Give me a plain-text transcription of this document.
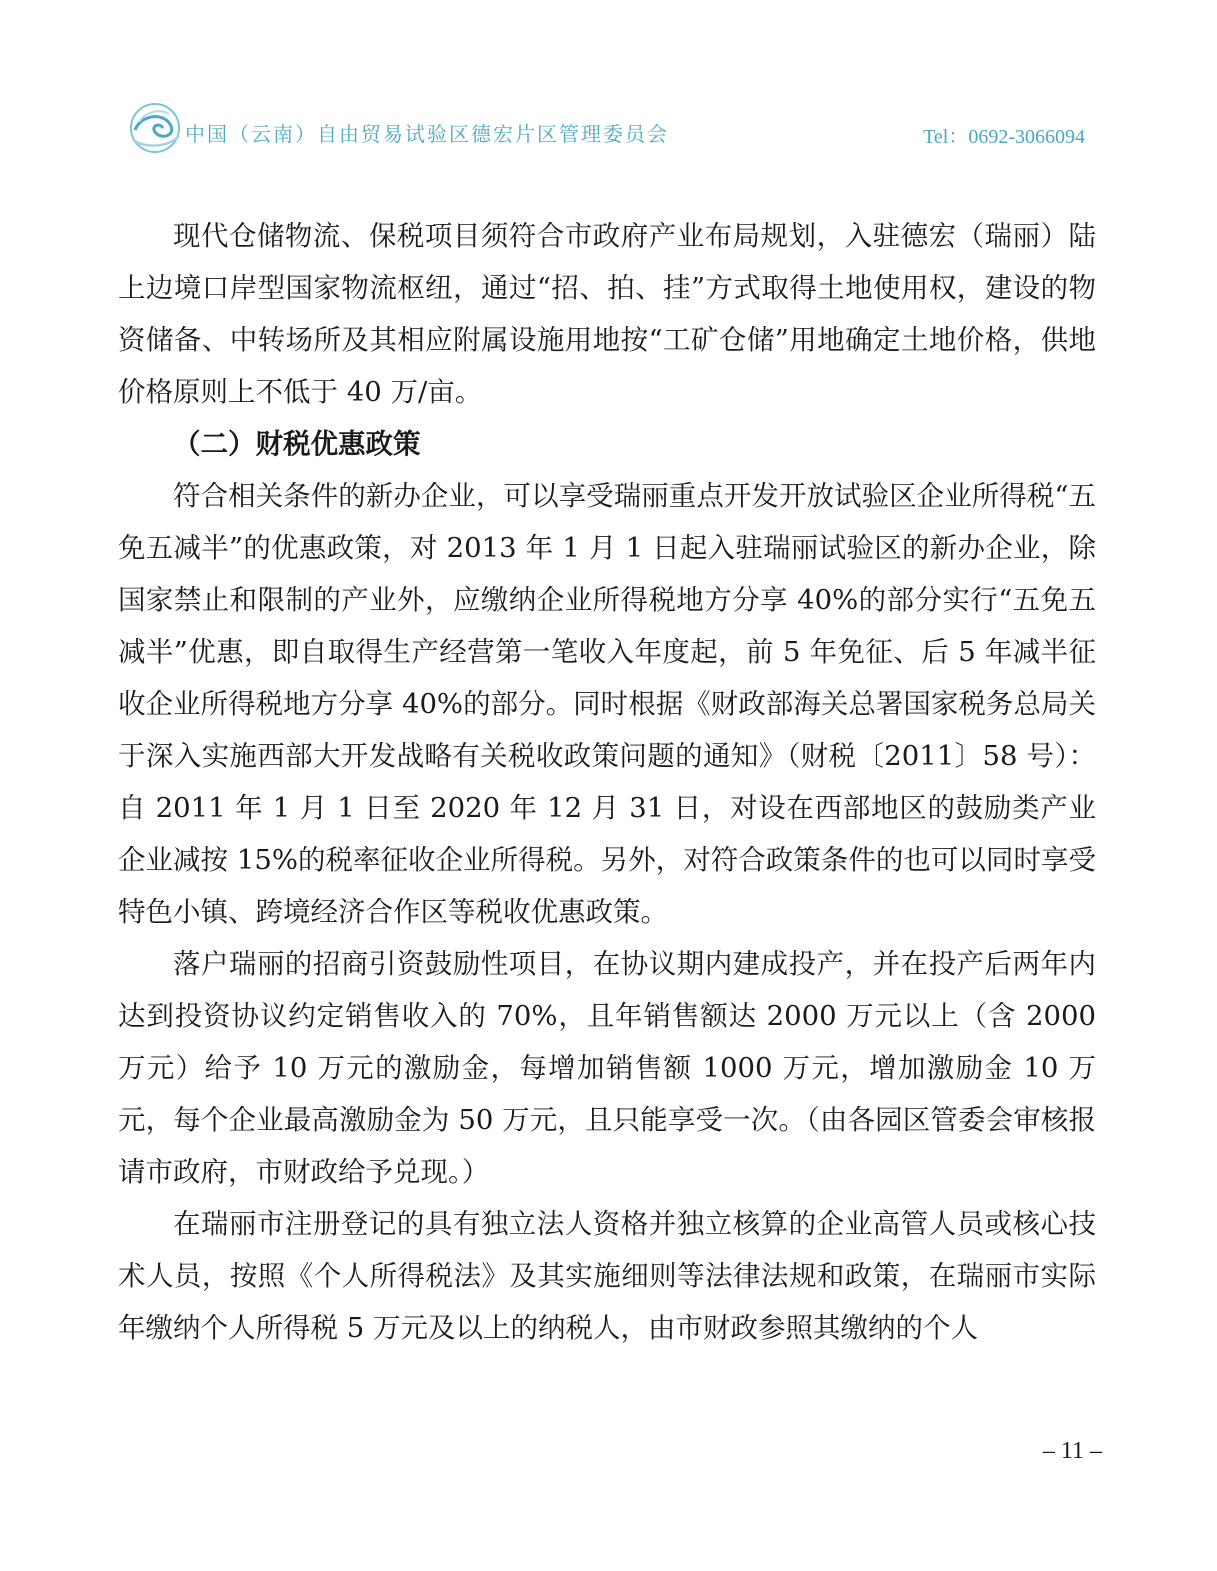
中国（云南）自由贸易试验区德宏片区管理委员会	Tel：0692-3066094

现代仓储物流、保税项目须符合市政府产业布局规划，入驻德宏（瑞丽）陆上边境口岸型国家物流枢纽，通过“招、拍、挂”方式取得土地使用权，建设的物资储备、中转场所及其相应附属设施用地按“工矿仓储”用地确定土地价格，供地价格原则上不低于 40 万/亩。

（二）财税优惠政策

符合相关条件的新办企业，可以享受瑞丽重点开发开放试验区企业所得税“五免五减半”的优惠政策，对 2013 年 1 月 1 日起入驻瑞丽试验区的新办企业，除国家禁止和限制的产业外，应缴纳企业所得税地方分享 40%的部分实行“五免五减半”优惠，即自取得生产经营第一笔收入年度起，前 5 年免征、后 5 年减半征收企业所得税地方分享 40%的部分。同时根据《财政部海关总署国家税务总局关于深入实施西部大开发战略有关税收政策问题的通知》（财税〔2011〕58 号）：自 2011 年 1 月 1 日至 2020 年 12 月 31 日，对设在西部地区的鼓励类产业企业减按 15%的税率征收企业所得税。另外，对符合政策条件的也可以同时享受特色小镇、跨境经济合作区等税收优惠政策。

落户瑞丽的招商引资鼓励性项目，在协议期内建成投产，并在投产后两年内达到投资协议约定销售收入的 70%，且年销售额达 2000 万元以上（含 2000 万元）给予 10 万元的激励金，每增加销售额 1000 万元，增加激励金 10 万元，每个企业最高激励金为 50 万元，且只能享受一次。（由各园区管委会审核报请市政府，市财政给予兑现。）

在瑞丽市注册登记的具有独立法人资格并独立核算的企业高管人员或核心技术人员，按照《个人所得税法》及其实施细则等法律法规和政策，在瑞丽市实际年缴纳个人所得税 5 万元及以上的纳税人，由市财政参照其缴纳的个人

– 11 –
